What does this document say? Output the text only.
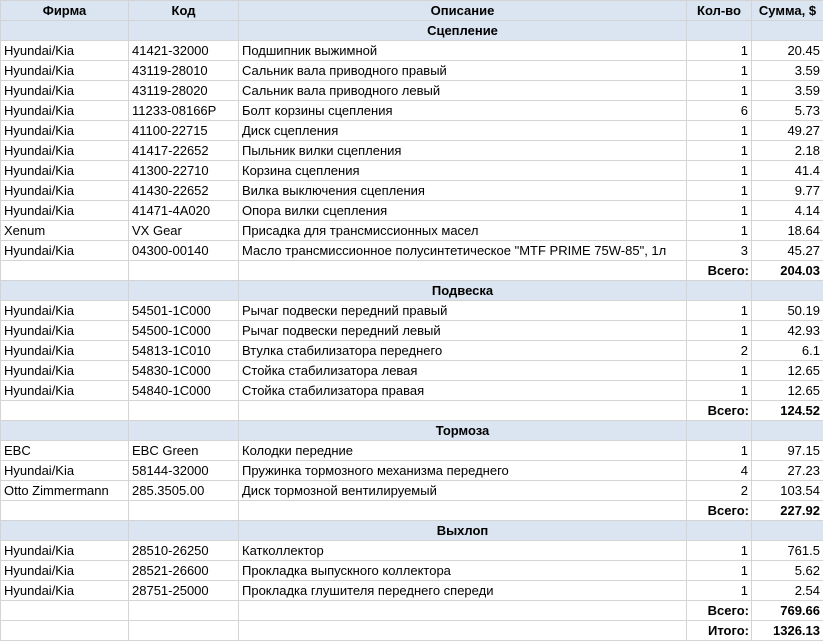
Фирма	Код	Описание	Кол-во	Сумма, $
		Сцепление		
Hyundai/Kia	41421-32000	Подшипник выжимной	1	20.45
Hyundai/Kia	43119-28010	Сальник вала приводного правый	1	3.59
Hyundai/Kia	43119-28020	Сальник вала приводного левый	1	3.59
Hyundai/Kia	11233-08166P	Болт корзины сцепления	6	5.73
Hyundai/Kia	41100-22715	Диск сцепления	1	49.27
Hyundai/Kia	41417-22652	Пыльник вилки сцепления	1	2.18
Hyundai/Kia	41300-22710	Корзина сцепления	1	41.4
Hyundai/Kia	41430-22652	Вилка выключения сцепления	1	9.77
Hyundai/Kia	41471-4A020	Опора вилки сцепления	1	4.14
Xenum	VX Gear	Присадка для трансмиссионных масел	1	18.64
Hyundai/Kia	04300-00140	Масло трансмиссионное полусинтетическое "MTF PRIME 75W-85", 1л	3	45.27
			Всего:	204.03
		Подвеска		
Hyundai/Kia	54501-1C000	Рычаг подвески передний правый	1	50.19
Hyundai/Kia	54500-1C000	Рычаг подвески передний левый	1	42.93
Hyundai/Kia	54813-1C010	Втулка стабилизатора переднего	2	6.1
Hyundai/Kia	54830-1C000	Стойка стабилизатора левая	1	12.65
Hyundai/Kia	54840-1C000	Стойка стабилизатора правая	1	12.65
			Всего:	124.52
		Тормоза		
EBC	EBC Green	Колодки передние	1	97.15
Hyundai/Kia	58144-32000	Пружинка тормозного механизма переднего	4	27.23
Otto Zimmermann	285.3505.00	Диск тормозной вентилируемый	2	103.54
			Всего:	227.92
		Выхлоп		
Hyundai/Kia	28510-26250	Катколлектор	1	761.5
Hyundai/Kia	28521-26600	Прокладка выпускного коллектора	1	5.62
Hyundai/Kia	28751-25000	Прокладка глушителя переднего спереди	1	2.54
			Всего:	769.66
			Итого:	1326.13
